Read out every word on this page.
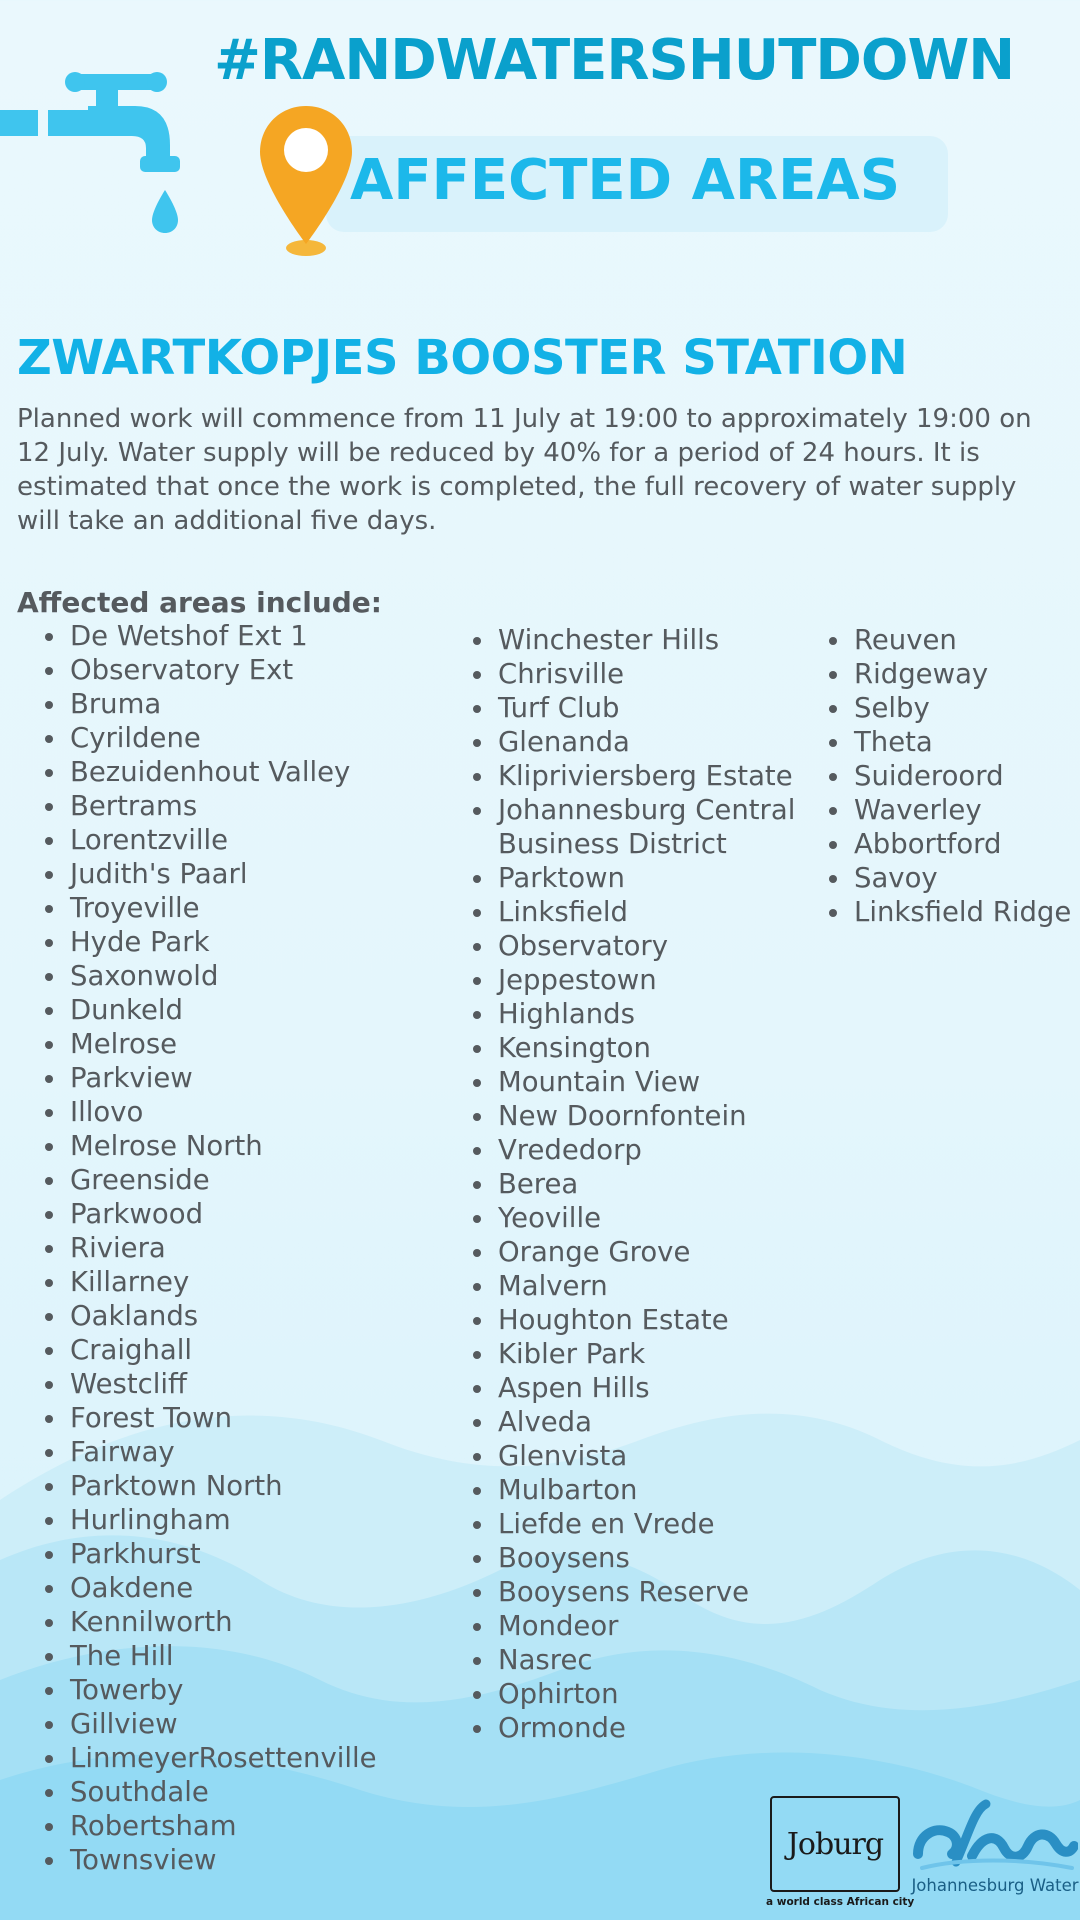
#RANDWATERSHUTDOWN
AFFECTED AREAS
ZWARTKOPJES BOOSTER STATION

Planned work will commence from 11 July at 19:00 to approximately 19:00 on 12 July. Water supply will be reduced by 40% for a period of 24 hours. It is estimated that once the work is completed, the full recovery of water supply will take an additional five days.

Affected areas include:
• De Wetshof Ext 1
• Observatory Ext
• Bruma
• Cyrildene
• Bezuidenhout Valley
• Bertrams
• Lorentzville
• Judith's Paarl
• Troyeville
• Hyde Park
• Saxonwold
• Dunkeld
• Melrose
• Parkview
• Illovo
• Melrose North
• Greenside
• Parkwood
• Riviera
• Killarney
• Oaklands
• Craighall
• Westcliff
• Forest Town
• Fairway
• Parktown North
• Hurlingham
• Parkhurst
• Oakdene
• Kennilworth
• The Hill
• Towerby
• Gillview
• LinmeyerRosettenville
• Southdale
• Robertsham
• Townsview
• Winchester Hills
• Chrisville
• Turf Club
• Glenanda
• Klipriviersberg Estate
• Johannesburg Central Business District
• Parktown
• Linksfield
• Observatory
• Jeppestown
• Highlands
• Kensington
• Mountain View
• New Doornfontein
• Vrededorp
• Berea
• Yeoville
• Orange Grove
• Malvern
• Houghton Estate
• Kibler Park
• Aspen Hills
• Alveda
• Glenvista
• Mulbarton
• Liefde en Vrede
• Booysens
• Booysens Reserve
• Mondeor
• Nasrec
• Ophirton
• Ormonde
• Reuven
• Ridgeway
• Selby
• Theta
• Suideroord
• Waverley
• Abbortford
• Savoy
• Linksfield Ridge
Joburg
a world class African city
Johannesburg Water
